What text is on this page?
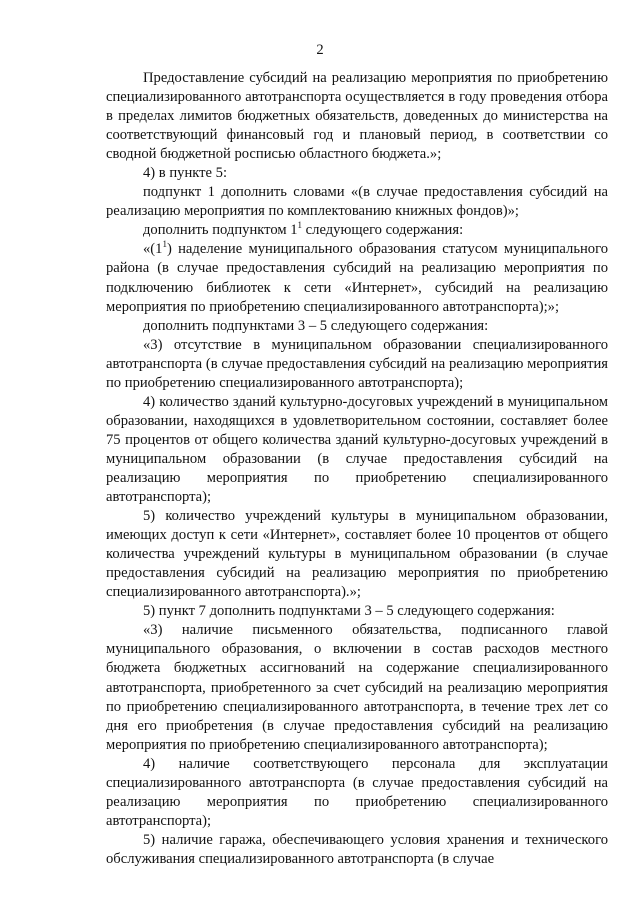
2

Предоставление субсидий на реализацию мероприятия по приобретению специализированного автотранспорта осуществляется в году проведения отбора в пределах лимитов бюджетных обязательств, доведенных до министерства на соответствующий финансовый год и плановый период, в соответствии со сводной бюджетной росписью областного бюджета.»;

4) в пункте 5:

подпункт 1 дополнить словами «(в случае предоставления субсидий на реализацию мероприятия по комплектованию книжных фондов)»;

дополнить подпунктом $1^1$ следующего содержания:

«$(1^1)$ наделение муниципального образования статусом муниципального района (в случае предоставления субсидий на реализацию мероприятия по подключению библиотек к сети «Интернет», субсидий на реализацию мероприятия по приобретению специализированного автотранспорта);»;

дополнить подпунктами 3 – 5 следующего содержания:

«3) отсутствие в муниципальном образовании специализированного автотранспорта (в случае предоставления субсидий на реализацию мероприятия по приобретению специализированного автотранспорта);

4) количество зданий культурно-досуговых учреждений в муниципальном образовании, находящихся в удовлетворительном состоянии, составляет более 75 процентов от общего количества зданий культурно-досуговых учреждений в муниципальном образовании (в случае предоставления субсидий на реализацию мероприятия по приобретению специализированного автотранспорта);

5) количество учреждений культуры в муниципальном образовании, имеющих доступ к сети «Интернет», составляет более 10 процентов от общего количества учреждений культуры в муниципальном образовании (в случае предоставления субсидий на реализацию мероприятия по приобретению специализированного автотранспорта).»;

5) пункт 7 дополнить подпунктами 3 – 5 следующего содержания:

«3) наличие письменного обязательства, подписанного главой муниципального образования, о включении в состав расходов местного бюджета бюджетных ассигнований на содержание специализированного автотранспорта, приобретенного за счет субсидий на реализацию мероприятия по приобретению специализированного автотранспорта, в течение трех лет со дня его приобретения (в случае предоставления субсидий на реализацию мероприятия по приобретению специализированного автотранспорта);

4) наличие соответствующего персонала для эксплуатации специализированного автотранспорта (в случае предоставления субсидий на реализацию мероприятия по приобретению специализированного автотранспорта);

5) наличие гаража, обеспечивающего условия хранения и технического обслуживания специализированного автотранспорта (в случае
